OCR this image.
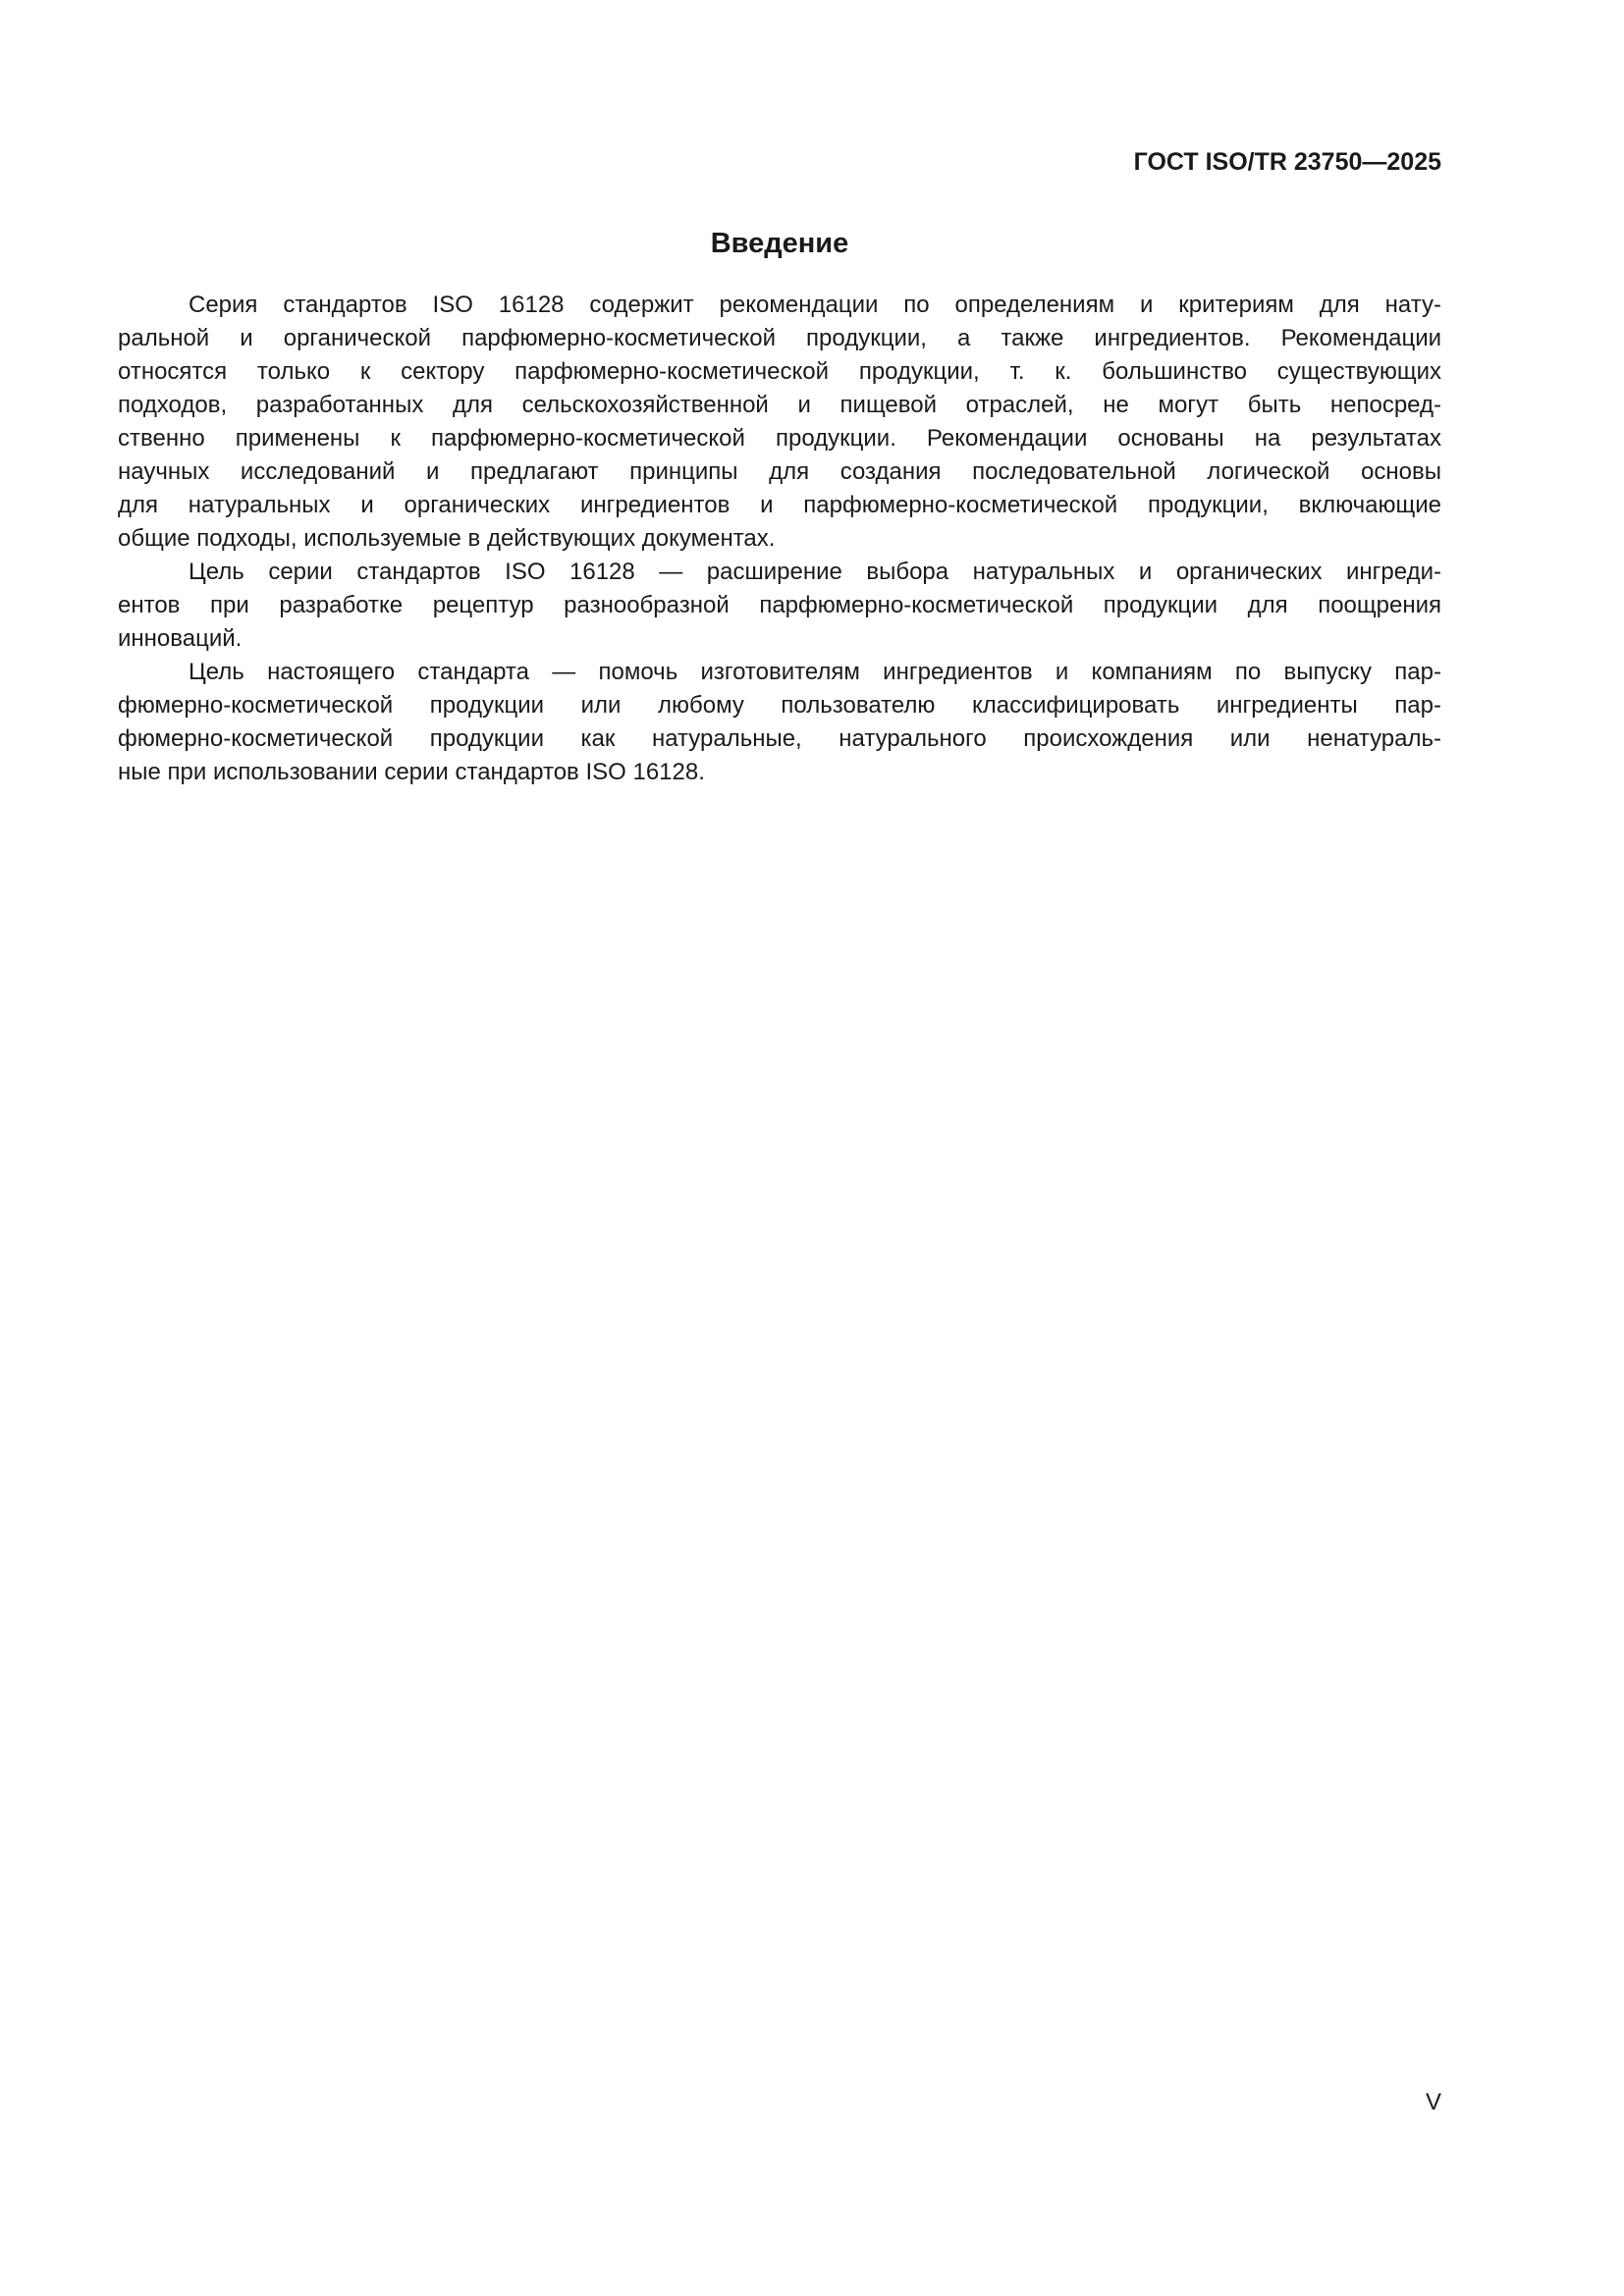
ГОСТ ISO/TR 23750—2025
Введение
Серия стандартов ISO 16128 содержит рекомендации по определениям и критериям для нату-
ральной и органической парфюмерно-косметической продукции, а также ингредиентов. Рекомендации
относятся только к сектору парфюмерно-косметической продукции, т. к. большинство существующих
подходов, разработанных для сельскохозяйственной и пищевой отраслей, не могут быть непосред-
ственно применены к парфюмерно-косметической продукции. Рекомендации основаны на результатах
научных исследований и предлагают принципы для создания последовательной логической основы
для натуральных и органических ингредиентов и парфюмерно-косметической продукции, включающие
общие подходы, используемые в действующих документах.
Цель серии стандартов ISO 16128 — расширение выбора натуральных и органических ингреди-
ентов при разработке рецептур разнообразной парфюмерно-косметической продукции для поощрения
инноваций.
Цель настоящего стандарта — помочь изготовителям ингредиентов и компаниям по выпуску пар-
фюмерно-косметической продукции или любому пользователю классифицировать ингредиенты пар-
фюмерно-косметической продукции как натуральные, натурального происхождения или ненатураль-
ные при использовании серии стандартов ISO 16128.
V
